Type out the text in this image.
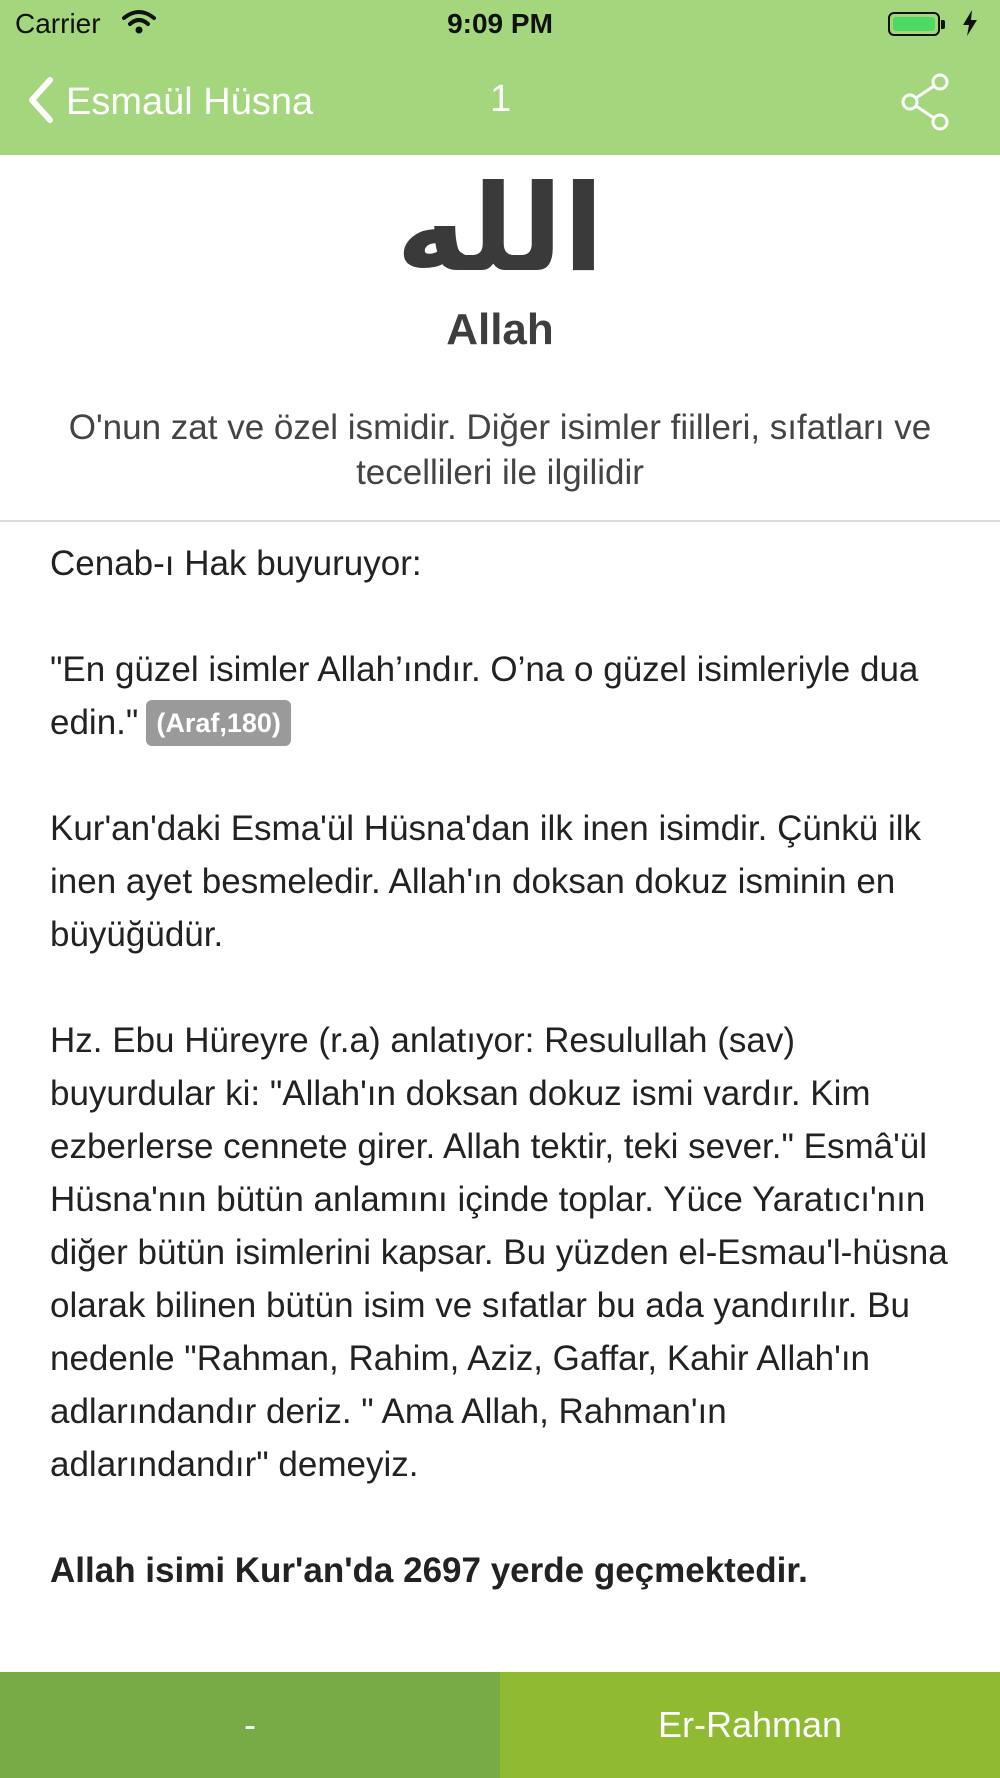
Carrier	9:09 PM
Esmaül Hüsna	1
الله
Allah
O'nun zat ve özel ismidir. Diğer isimler fiilleri, sıfatları ve tecellileri ile ilgilidir

Cenab-ı Hak buyuruyor:

"En güzel isimler Allah’ındır. O’na o güzel isimleriyle dua edin." (Araf,180)

Kur'an'daki Esma'ül Hüsna'dan ilk inen isimdir. Çünkü ilk inen ayet besmeledir. Allah'ın doksan dokuz isminin en büyüğüdür.

Hz. Ebu Hüreyre (r.a) anlatıyor: Resulullah (sav) buyurdular ki: "Allah'ın doksan dokuz ismi vardır. Kim ezberlerse cennete girer. Allah tektir, teki sever." Esmâ'ül Hüsna'nın bütün anlamını içinde toplar. Yüce Yaratıcı'nın diğer bütün isimlerini kapsar. Bu yüzden el-Esmau'l-hüsna olarak bilinen bütün isim ve sıfatlar bu ada yandırılır. Bu nedenle "Rahman, Rahim, Aziz, Gaffar, Kahir Allah'ın adlarındandır deriz. " Ama Allah, Rahman'ın adlarındandır" demeyiz.

Allah isimi Kur'an'da 2697 yerde geçmektedir.

-	Er-Rahman
